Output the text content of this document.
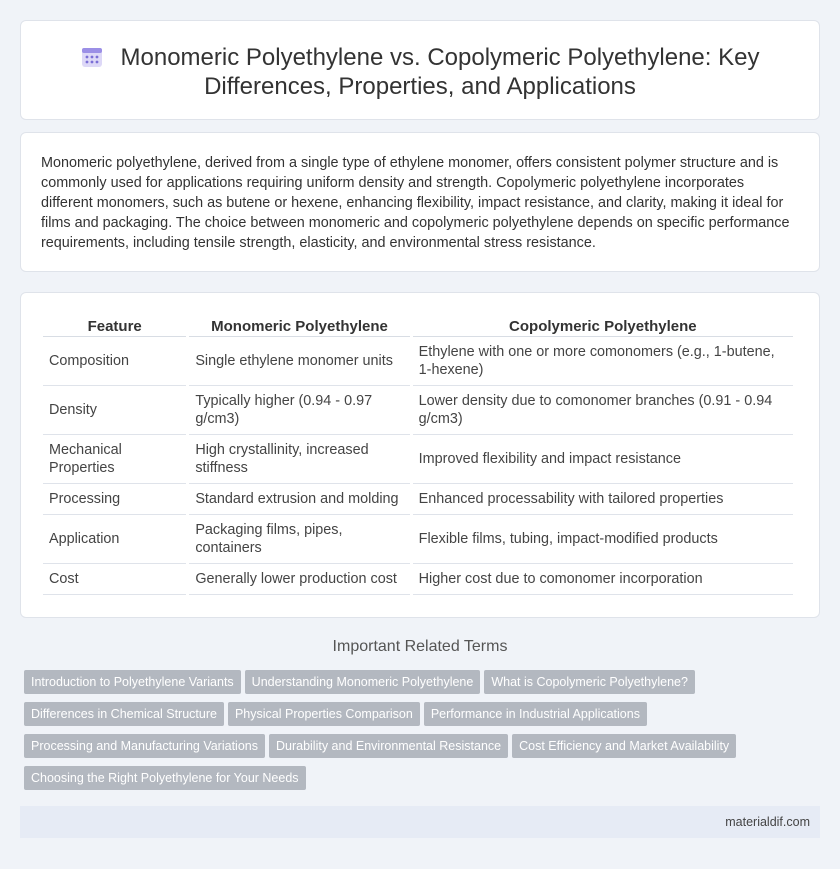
Monomeric Polyethylene vs. Copolymeric Polyethylene: Key Differences, Properties, and Applications

Monomeric polyethylene, derived from a single type of ethylene monomer, offers consistent polymer structure and is commonly used for applications requiring uniform density and strength. Copolymeric polyethylene incorporates different monomers, such as butene or hexene, enhancing flexibility, impact resistance, and clarity, making it ideal for films and packaging. The choice between monomeric and copolymeric polyethylene depends on specific performance requirements, including tensile strength, elasticity, and environmental stress resistance.

Feature	Monomeric Polyethylene	Copolymeric Polyethylene
Composition	Single ethylene monomer units	Ethylene with one or more comonomers (e.g., 1-butene, 1-hexene)
Density	Typically higher (0.94 - 0.97 g/cm3)	Lower density due to comonomer branches (0.91 - 0.94 g/cm3)
Mechanical Properties	High crystallinity, increased stiffness	Improved flexibility and impact resistance
Processing	Standard extrusion and molding	Enhanced processability with tailored properties
Application	Packaging films, pipes, containers	Flexible films, tubing, impact-modified products
Cost	Generally lower production cost	Higher cost due to comonomer incorporation
Important Related Terms
Introduction to Polyethylene Variants Understanding Monomeric Polyethylene What is Copolymeric Polyethylene?
Differences in Chemical Structure Physical Properties Comparison Performance in Industrial Applications
Processing and Manufacturing Variations Durability and Environmental Resistance Cost Efficiency and Market Availability
Choosing the Right Polyethylene for Your Needs
materialdif.com
